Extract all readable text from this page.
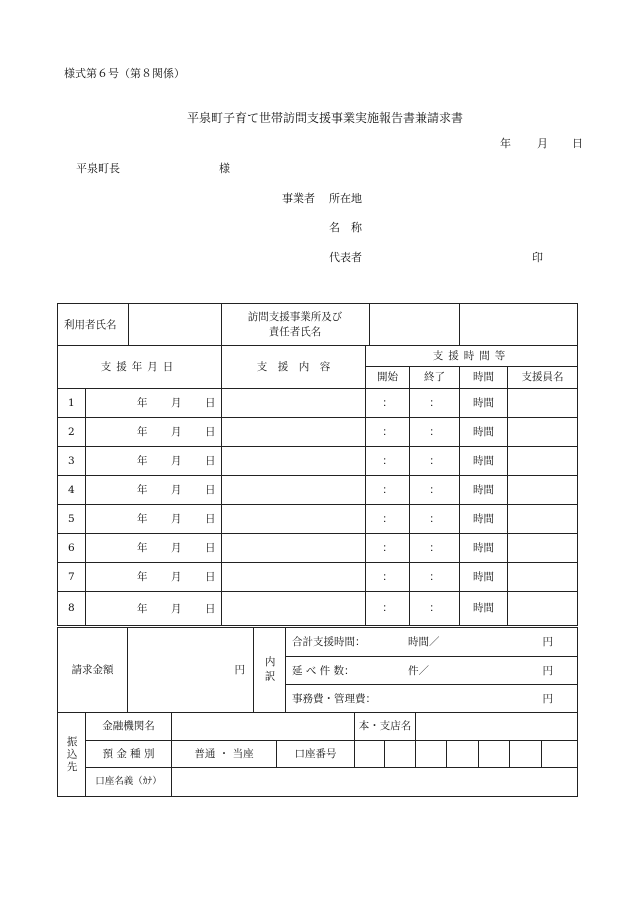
様式第６号（第８関係）
平泉町子育て世帯訪問支援事業実施報告書兼請求書
年 月 日
平泉町長	様
事業者 所在地
名　称
代表者	印
利用者氏名		訪問支援事業所及び
責任者氏名				

支援年月日		支　援　内　容	支援時間等			
			開始	終了	時間	支援員名
1	年 月 日		：	：	時間	
2	年 月 日		：	：	時間	
3	年 月 日		：	：	時間	
4	年 月 日		：	：	時間	
5	年 月 日		：	：	時間	
6	年 月 日		：	：	時間	
7	年 月 日		：	：	時間	
8	年 月 日		：	：	時間	
請求金額	円	内訳

合計支援時間：	時間／	円

延 べ 件 数：	件／	円

事務費・管理費：	円
振込先	金融機関名			本・支店名						
	預 金 種 別	普通 ・ 当座	口座番号							
	口座名義（ｶﾅ）									
